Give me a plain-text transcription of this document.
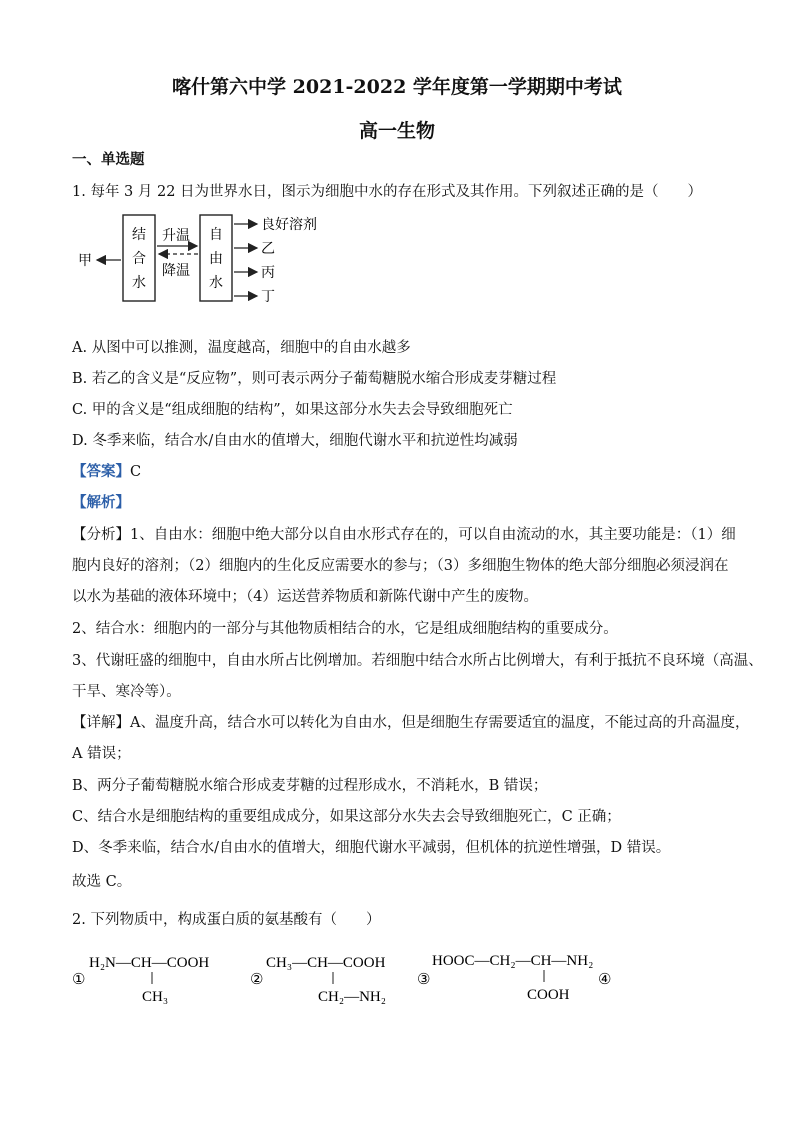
喀什第六中学 2021-2022 学年度第一学期期中考试
高一生物
一、单选题
1. 每年 3 月 22 日为世界水日，图示为细胞中水的存在形式及其作用。下列叙述正确的是（　　）
结
合
水
自
由
水
升温
降温
甲
良好溶剂
乙
丙
丁
A. 从图中可以推测，温度越高，细胞中的自由水越多
B. 若乙的含义是“反应物”，则可表示两分子葡萄糖脱水缩合形成麦芽糖过程
C. 甲的含义是“组成细胞的结构”，如果这部分水失去会导致细胞死亡
D. 冬季来临，结合水/自由水的值增大，细胞代谢水平和抗逆性均减弱
【答案】C
【解析】
【分析】1、自由水：细胞中绝大部分以自由水形式存在的，可以自由流动的水，其主要功能是：（1）细
胞内良好的溶剂；（2）细胞内的生化反应需要水的参与；（3）多细胞生物体的绝大部分细胞必须浸润在
以水为基础的液体环境中；（4）运送营养物质和新陈代谢中产生的废物。
2、结合水：细胞内的一部分与其他物质相结合的水，它是组成细胞结构的重要成分。
3、代谢旺盛的细胞中，自由水所占比例增加。若细胞中结合水所占比例增大，有利于抵抗不良环境（高温、
干旱、寒冷等）。
【详解】A、温度升高，结合水可以转化为自由水，但是细胞生存需要适宜的温度，不能过高的升高温度，
A 错误；
B、两分子葡萄糖脱水缩合形成麦芽糖的过程形成水，不消耗水，B 错误；
C、结合水是细胞结构的重要组成成分，如果这部分水失去会导致细胞死亡，C 正确；
D、冬季来临，结合水/自由水的值增大，细胞代谢水平减弱，但机体的抗逆性增强，D 错误。
故选 C。
2. 下列物质中，构成蛋白质的氨基酸有（　　）
①	②	③	④
H₂N—CH—COOH
CH₃
CH₃—CH—COOH
CH₂—NH₂
HOOC—CH₂—CH—NH₂
COOH
